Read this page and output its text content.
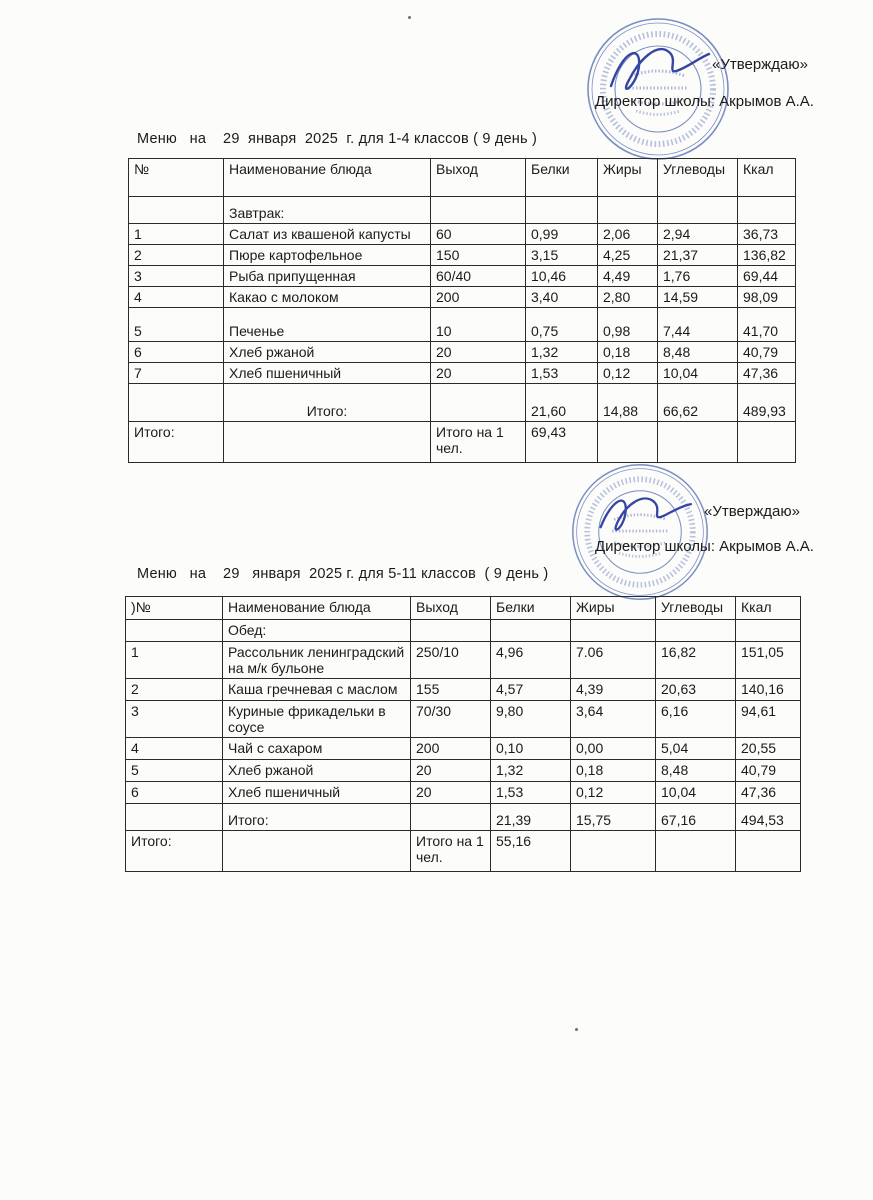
«Утверждаю»
Директор школы: Акрымов А.А.
Меню   на    29  января  2025  г. для 1-4 классов ( 9 день )
№	Наименование блюда	Выход	Белки	Жиры	Углеводы	Ккал
	Завтрак:					
1	Салат из квашеной капусты	60	0,99	2,06	2,94	36,73
2	Пюре картофельное	150	3,15	4,25	21,37	136,82
3	Рыба припущенная	60/40	10,46	4,49	1,76	69,44
4	Какао с молоком	200	3,40	2,80	14,59	98,09
5	Печенье	10	0,75	0,98	7,44	41,70
6	Хлеб ржаной	20	1,32	0,18	8,48	40,79
7	Хлеб пшеничный	20	1,53	0,12	10,04	47,36
	Итого:		21,60	14,88	66,62	489,93
Итого:		Итого на 1 чел.	69,43			
«Утверждаю»
Директор школы: Акрымов А.А.
Меню   на    29   января  2025 г. для 5-11 классов  ( 9 день )
)№	Наименование блюда	Выход	Белки	Жиры	Углеводы	Ккал
	Обед:					
1	Рассольник ленинградский на м/к бульоне	250/10	4,96	7.06	16,82	151,05
2	Каша гречневая с маслом	155	4,57	4,39	20,63	140,16
3	Куриные фрикадельки в соусе	70/30	9,80	3,64	6,16	94,61
4	Чай с сахаром	200	0,10	0,00	5,04	20,55
5	Хлеб ржаной	20	1,32	0,18	8,48	40,79
6	Хлеб пшеничный	20	1,53	0,12	10,04	47,36
	Итого:		21,39	15,75	67,16	494,53
Итого:		Итого на 1 чел.	55,16			
